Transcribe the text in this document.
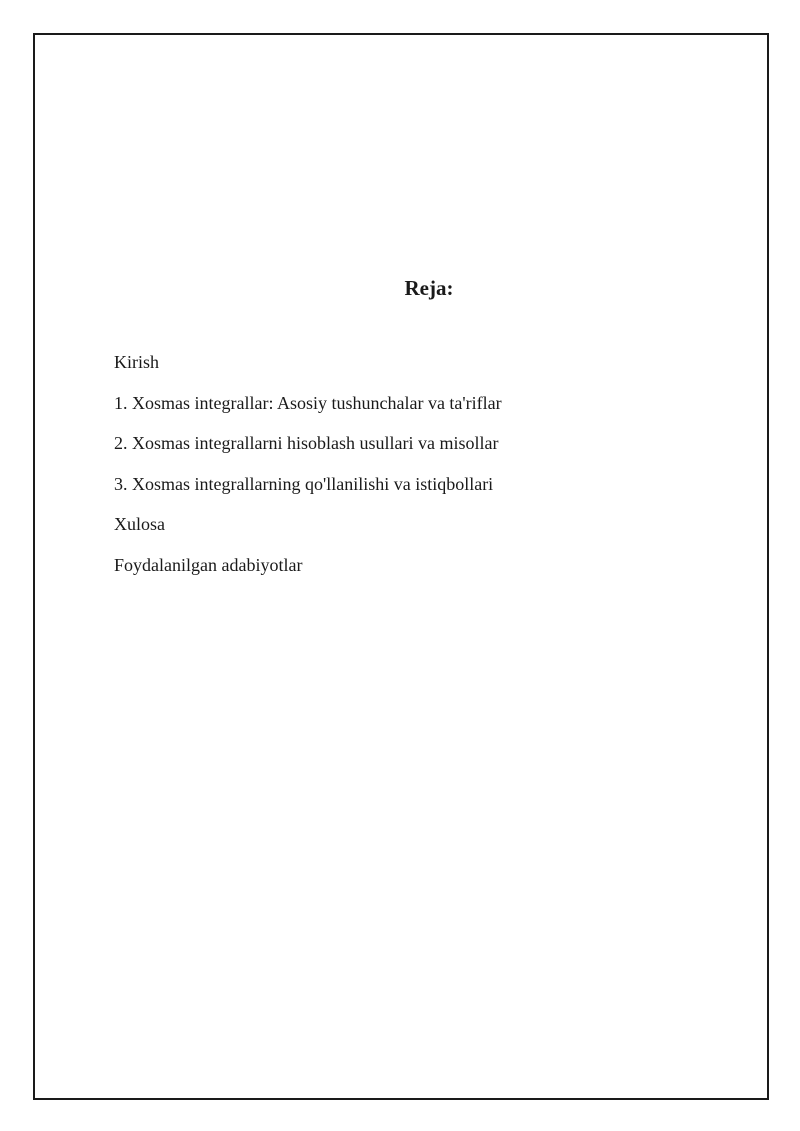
Reja:
Kirish
1. Xosmas integrallar: Asosiy tushunchalar va ta'riflar
2. Xosmas integrallarni hisoblash usullari va misollar
3. Xosmas integrallarning qo'llanilishi va istiqbollari
Xulosa
Foydalanilgan adabiyotlar
